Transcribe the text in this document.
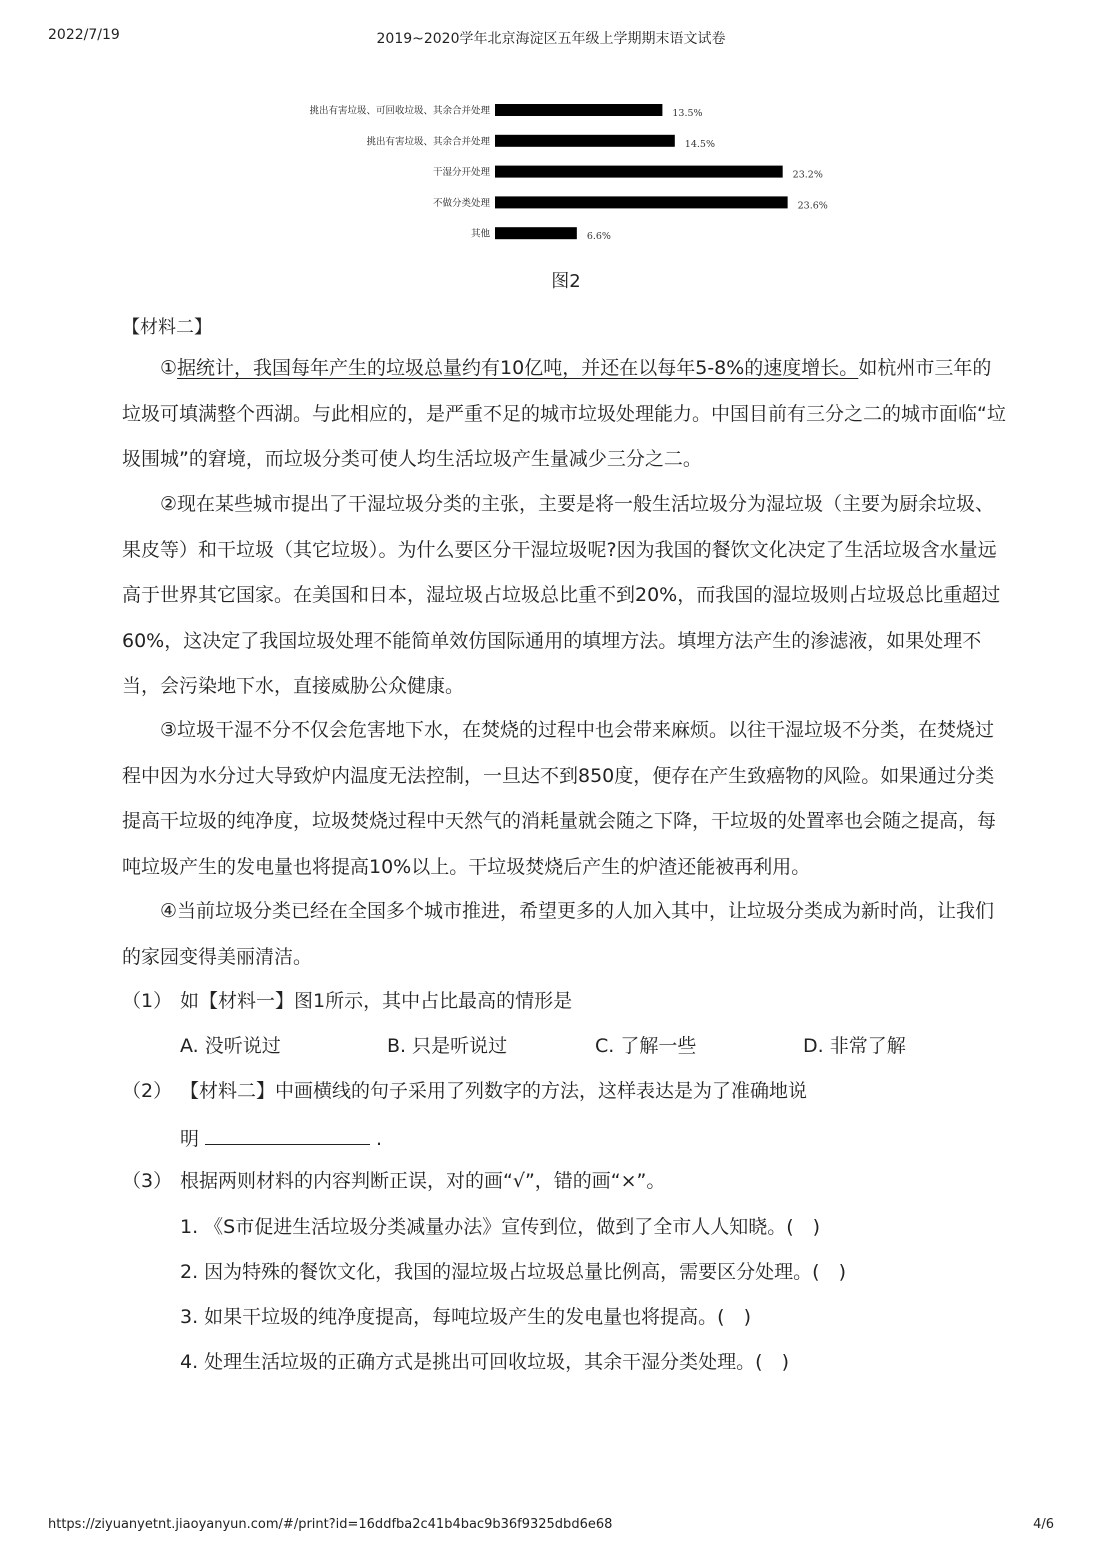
2022/7/19	2019~2020学年北京海淀区五年级上学期期末语文试卷
挑出有害垃圾、可回收垃圾、其余合并处理	13.5%
挑出有害垃圾、其余合并处理	14.5%
干湿分开处理	23.2%
不做分类处理	23.6%
其他	6.6%
图2
【材料二】

①据统计，我国每年产生的垃圾总量约有10亿吨，并还在以每年5-8%的速度增长。如杭州市三年的垃圾可填满整个西湖。与此相应的，是严重不足的城市垃圾处理能力。中国目前有三分之二的城市面临“垃圾围城”的窘境，而垃圾分类可使人均生活垃圾产生量减少三分之二。

②现在某些城市提出了干湿垃圾分类的主张，主要是将一般生活垃圾分为湿垃圾（主要为厨余垃圾、果皮等）和干垃圾（其它垃圾）。为什么要区分干湿垃圾呢?因为我国的餐饮文化决定了生活垃圾含水量远高于世界其它国家。在美国和日本，湿垃圾占垃圾总比重不到20%，而我国的湿垃圾则占垃圾总比重超过60%，这决定了我国垃圾处理不能简单效仿国际通用的填埋方法。填埋方法产生的渗滤液，如果处理不当，会污染地下水，直接威胁公众健康。

③垃圾干湿不分不仅会危害地下水，在焚烧的过程中也会带来麻烦。以往干湿垃圾不分类，在焚烧过程中因为水分过大导致炉内温度无法控制，一旦达不到850度，便存在产生致癌物的风险。如果通过分类提高干垃圾的纯净度，垃圾焚烧过程中天然气的消耗量就会随之下降，干垃圾的处置率也会随之提高，每吨垃圾产生的发电量也将提高10%以上。干垃圾焚烧后产生的炉渣还能被再利用。

④当前垃圾分类已经在全国多个城市推进，希望更多的人加入其中，让垃圾分类成为新时尚，让我们的家园变得美丽清洁。

（1） 如【材料一】图1所示，其中占比最高的情形是
A. 没听说过	B. 只是听说过	C. 了解一些	D. 非常了解
（2） 【材料二】中画横线的句子采用了列数字的方法，这样表达是为了准确地说
明	.
（3） 根据两则材料的内容判断正误，对的画“√”，错的画“×”。
1. 《S市促进生活垃圾分类减量办法》宣传到位，做到了全市人人知晓。(　)
2. 因为特殊的餐饮文化，我国的湿垃圾占垃圾总量比例高，需要区分处理。(　)
3. 如果干垃圾的纯净度提高，每吨垃圾产生的发电量也将提高。(　)
4. 处理生活垃圾的正确方式是挑出可回收垃圾，其余干湿分类处理。(　)
https://ziyuanyetnt.jiaoyanyun.com/#/print?id=16ddfba2c41b4bac9b36f9325dbd6e68	4/6
